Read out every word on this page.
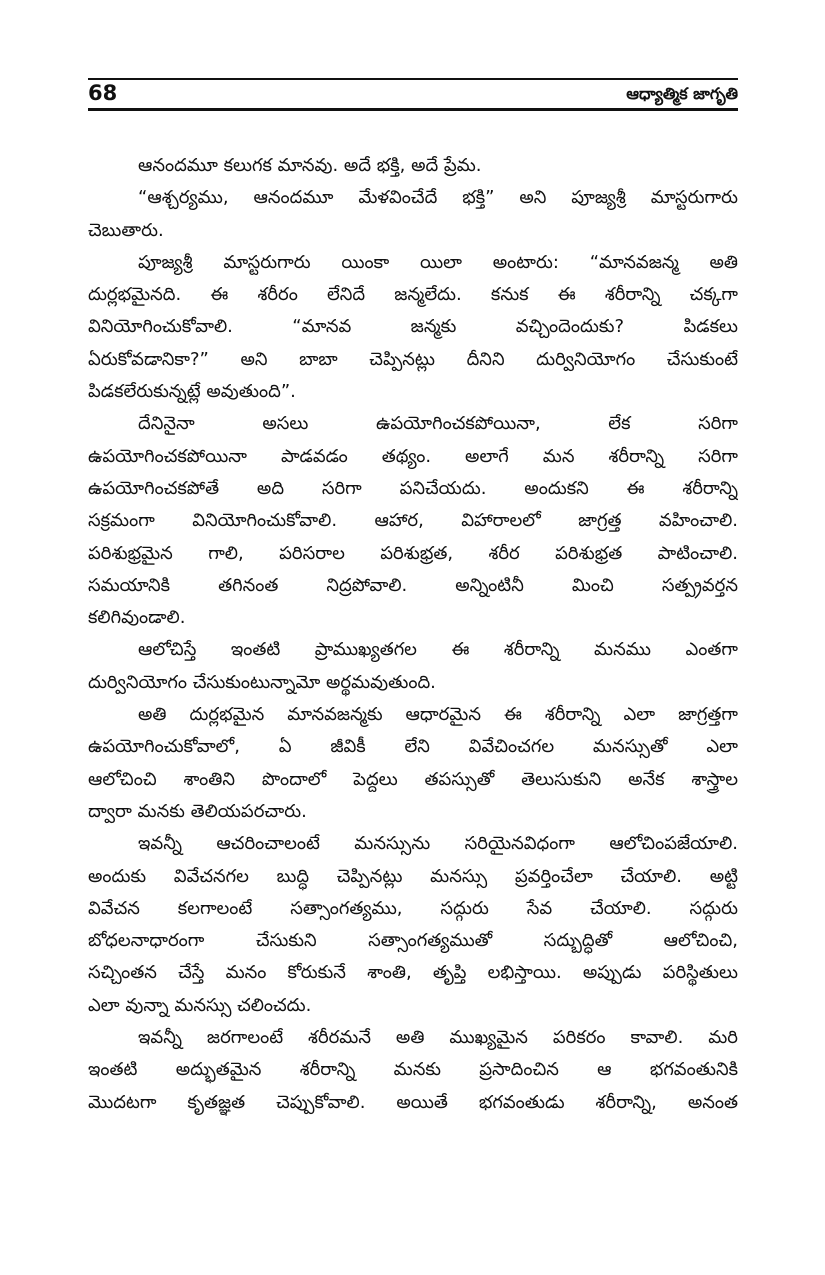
68	ఆధ్యాత్మిక జాగృతి
ఆనందమూ కలుగక మానవు. అదే భక్తి, అదే ప్రేమ.
“ఆశ్చర్యము, ఆనందమూ మేళవించేదే భక్తి” అని పూజ్యశ్రీ మాస్టరుగారు
చెబుతారు.
పూజ్యశ్రీ మాస్టరుగారు యింకా యిలా అంటారు: “మానవజన్మ అతి
దుర్లభమైనది. ఈ శరీరం లేనిదే జన్మలేదు. కనుక ఈ శరీరాన్ని చక్కగా
వినియోగించుకోవాలి. “మానవ జన్మకు వచ్చిందెందుకు? పిడకలు
ఏరుకోవడానికా?” అని బాబా చెప్పినట్లు దీనిని దుర్వినియోగం చేసుకుంటే
పిడకలేరుకున్నట్లే అవుతుంది”.
దేనినైనా అసలు ఉపయోగించకపోయినా, లేక సరిగా
ఉపయోగించకపోయినా పాడవడం తథ్యం. అలాగే మన శరీరాన్ని సరిగా
ఉపయోగించకపోతే అది సరిగా పనిచేయదు. అందుకని ఈ శరీరాన్ని
సక్రమంగా వినియోగించుకోవాలి. ఆహార, విహారాలలో జాగ్రత్త వహించాలి.
పరిశుభ్రమైన గాలి, పరిసరాల పరిశుభ్రత, శరీర పరిశుభ్రత పాటించాలి.
సమయానికి తగినంత నిద్రపోవాలి. అన్నింటినీ మించి సత్ప్రవర్తన
కలిగివుండాలి.
ఆలోచిస్తే ఇంతటి ప్రాముఖ్యతగల ఈ శరీరాన్ని మనము ఎంతగా
దుర్వినియోగం చేసుకుంటున్నామో అర్థమవుతుంది.
అతి దుర్లభమైన మానవజన్మకు ఆధారమైన ఈ శరీరాన్ని ఎలా జాగ్రత్తగా
ఉపయోగించుకోవాలో, ఏ జీవికీ లేని వివేచించగల మనస్సుతో ఎలా
ఆలోచించి శాంతిని పొందాలో పెద్దలు తపస్సుతో తెలుసుకుని అనేక శాస్త్రాల
ద్వారా మనకు తెలియపరచారు.
ఇవన్నీ ఆచరించాలంటే మనస్సును సరియైనవిధంగా ఆలోచింపజేయాలి.
అందుకు వివేచనగల బుద్ధి చెప్పినట్లు మనస్సు ప్రవర్తించేలా చేయాలి. అట్టి
వివేచన కలగాలంటే సత్సాంగత్యము, సద్గురు సేవ చేయాలి. సద్గురు
బోధలనాధారంగా చేసుకుని సత్సాంగత్యముతో సద్బుద్ధితో ఆలోచించి,
సచ్చింతన చేస్తే మనం కోరుకునే శాంతి, తృప్తి లభిస్తాయి. అప్పుడు పరిస్థితులు
ఎలా వున్నా మనస్సు చలించదు.
ఇవన్నీ జరగాలంటే శరీరమనే అతి ముఖ్యమైన పరికరం కావాలి. మరి
ఇంతటి అద్భుతమైన శరీరాన్ని మనకు ప్రసాదించిన ఆ భగవంతునికి
మొదటగా కృతజ్ఞత చెప్పుకోవాలి. అయితే భగవంతుడు శరీరాన్ని, అనంత
